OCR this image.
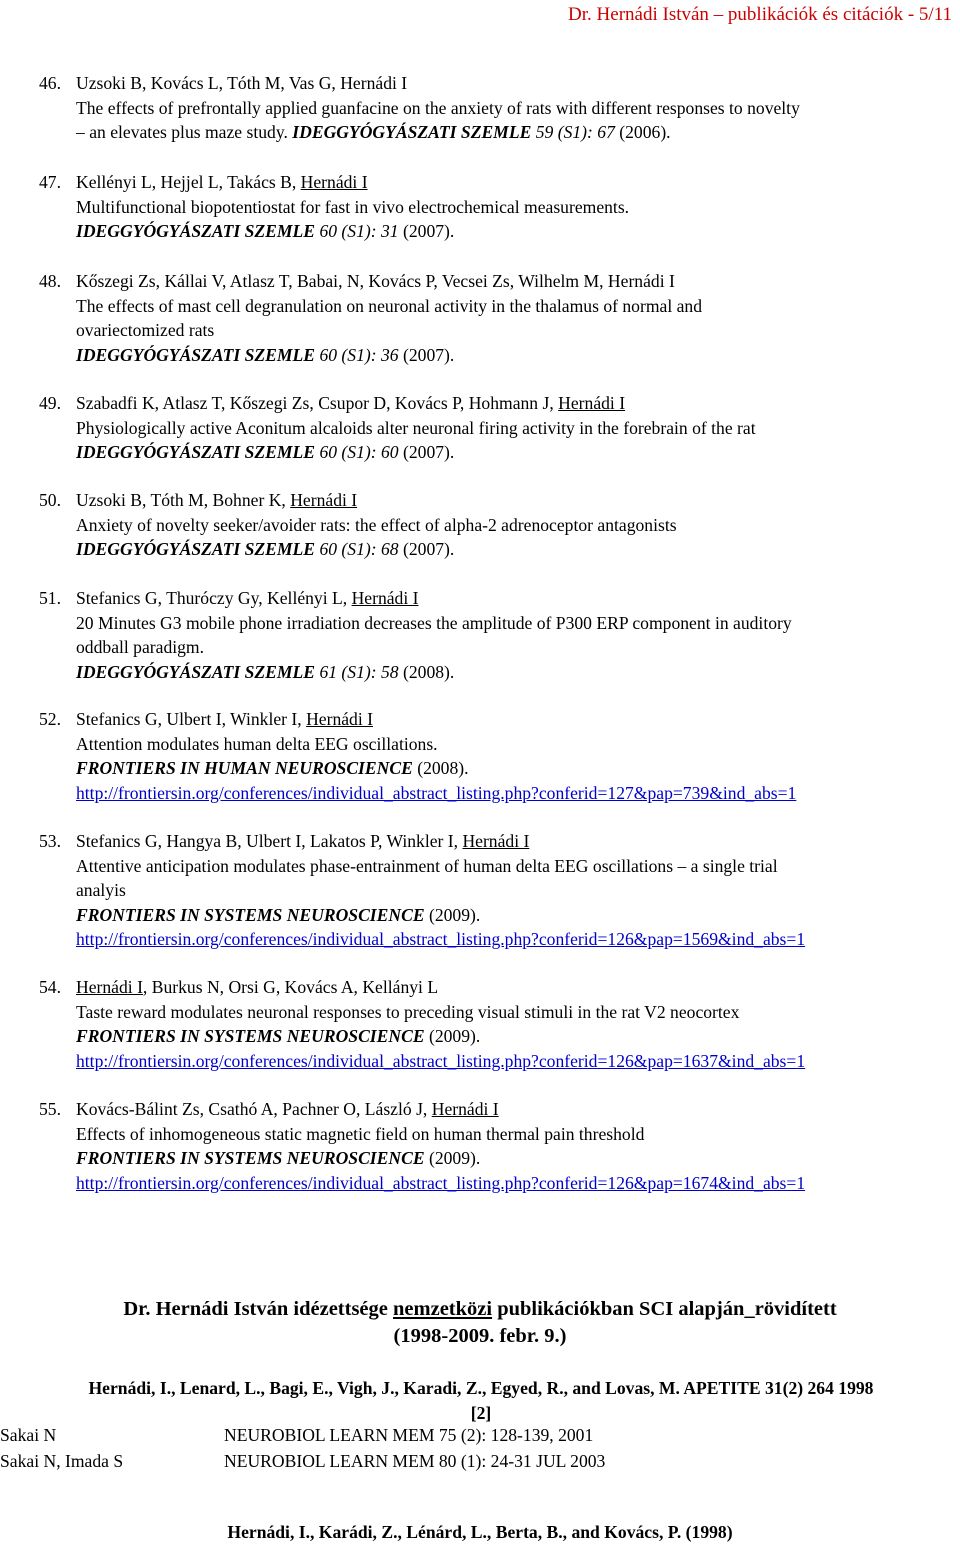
Dr. Hernádi István – publikációk és citációk - 5/11
46. Uzsoki B, Kovács L, Tóth M, Vas G, Hernádi I
The effects of prefrontally applied guanfacine on the anxiety of rats with different responses to novelty
– an elevates plus maze study. IDEGGYÓGYÁSZATI SZEMLE 59 (S1): 67 (2006).
47. Kellényi L, Hejjel L, Takács B, Hernádi I
Multifunctional biopotentiostat for fast in vivo electrochemical measurements.
IDEGGYÓGYÁSZATI SZEMLE 60 (S1): 31 (2007).
48. Kőszegi Zs, Kállai V, Atlasz T, Babai, N, Kovács P, Vecsei Zs, Wilhelm M, Hernádi I
The effects of mast cell degranulation on neuronal activity in the thalamus of normal and
ovariectomized rats
IDEGGYÓGYÁSZATI SZEMLE 60 (S1): 36 (2007).
49. Szabadfi K, Atlasz T, Kőszegi Zs, Csupor D, Kovács P, Hohmann J, Hernádi I
Physiologically active Aconitum alcaloids alter neuronal firing activity in the forebrain of the rat
IDEGGYÓGYÁSZATI SZEMLE 60 (S1): 60 (2007).
50. Uzsoki B, Tóth M, Bohner K, Hernádi I
Anxiety of novelty seeker/avoider rats: the effect of alpha-2 adrenoceptor antagonists
IDEGGYÓGYÁSZATI SZEMLE 60 (S1): 68 (2007).
51. Stefanics G, Thuróczy Gy, Kellényi L, Hernádi I
20 Minutes G3 mobile phone irradiation decreases the amplitude of P300 ERP component in auditory
oddball paradigm.
IDEGGYÓGYÁSZATI SZEMLE 61 (S1): 58 (2008).
52. Stefanics G, Ulbert I, Winkler I, Hernádi I
Attention modulates human delta EEG oscillations.
FRONTIERS IN HUMAN NEUROSCIENCE (2008).
http://frontiersin.org/conferences/individual_abstract_listing.php?conferid=127&pap=739&ind_abs=1
53. Stefanics G, Hangya B, Ulbert I, Lakatos P, Winkler I, Hernádi I
Attentive anticipation modulates phase-entrainment of human delta EEG oscillations – a single trial
analyis
FRONTIERS IN SYSTEMS NEUROSCIENCE (2009).
http://frontiersin.org/conferences/individual_abstract_listing.php?conferid=126&pap=1569&ind_abs=1
54. Hernádi I, Burkus N, Orsi G, Kovács A, Kellányi L
Taste reward modulates neuronal responses to preceding visual stimuli in the rat V2 neocortex
FRONTIERS IN SYSTEMS NEUROSCIENCE (2009).
http://frontiersin.org/conferences/individual_abstract_listing.php?conferid=126&pap=1637&ind_abs=1
55. Kovács-Bálint Zs, Csathó A, Pachner O, László J, Hernádi I
Effects of inhomogeneous static magnetic field on human thermal pain threshold
FRONTIERS IN SYSTEMS NEUROSCIENCE (2009).
http://frontiersin.org/conferences/individual_abstract_listing.php?conferid=126&pap=1674&ind_abs=1
Dr. Hernádi István idézettsége nemzetközi publikációkban SCI alapján_rövidített
(1998-2009. febr. 9.)
Hernádi, I., Lenard, L., Bagi, E., Vigh, J., Karadi, Z., Egyed, R., and Lovas, M. APETITE 31(2) 264 1998
[2]
Sakai N	NEUROBIOL LEARN MEM 75 (2): 128-139, 2001
Sakai N, Imada S	NEUROBIOL LEARN MEM 80 (1): 24-31 JUL 2003
Hernádi, I., Karádi, Z., Lénárd, L., Berta, B., and Kovács, P. (1998)
